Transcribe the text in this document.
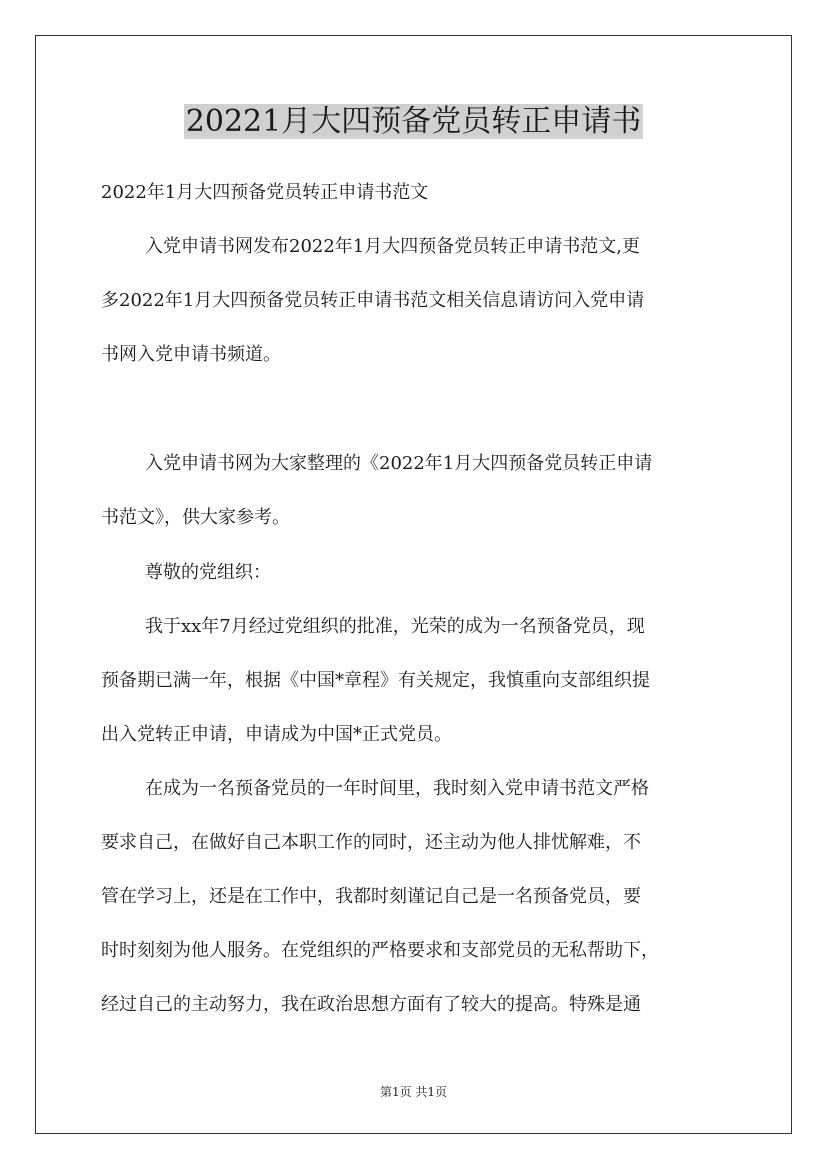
20221月大四预备党员转正申请书
2022年1月大四预备党员转正申请书范文
入党申请书网发布2022年1月大四预备党员转正申请书范文,更
多2022年1月大四预备党员转正申请书范文相关信息请访问入党申请
书网入党申请书频道。
入党申请书网为大家整理的《2022年1月大四预备党员转正申请
书范文》，供大家参考。
尊敬的党组织：
我于xx年7月经过党组织的批准，光荣的成为一名预备党员，现
预备期已满一年，根据《中国*章程》有关规定，我慎重向支部组织提
出入党转正申请，申请成为中国*正式党员。
在成为一名预备党员的一年时间里，我时刻入党申请书范文严格
要求自己，在做好自己本职工作的同时，还主动为他人排忧解难，不
管在学习上，还是在工作中，我都时刻谨记自己是一名预备党员，要
时时刻刻为他人服务。在党组织的严格要求和支部党员的无私帮助下，
经过自己的主动努力，我在政治思想方面有了较大的提高。特殊是通
第1页 共1页
